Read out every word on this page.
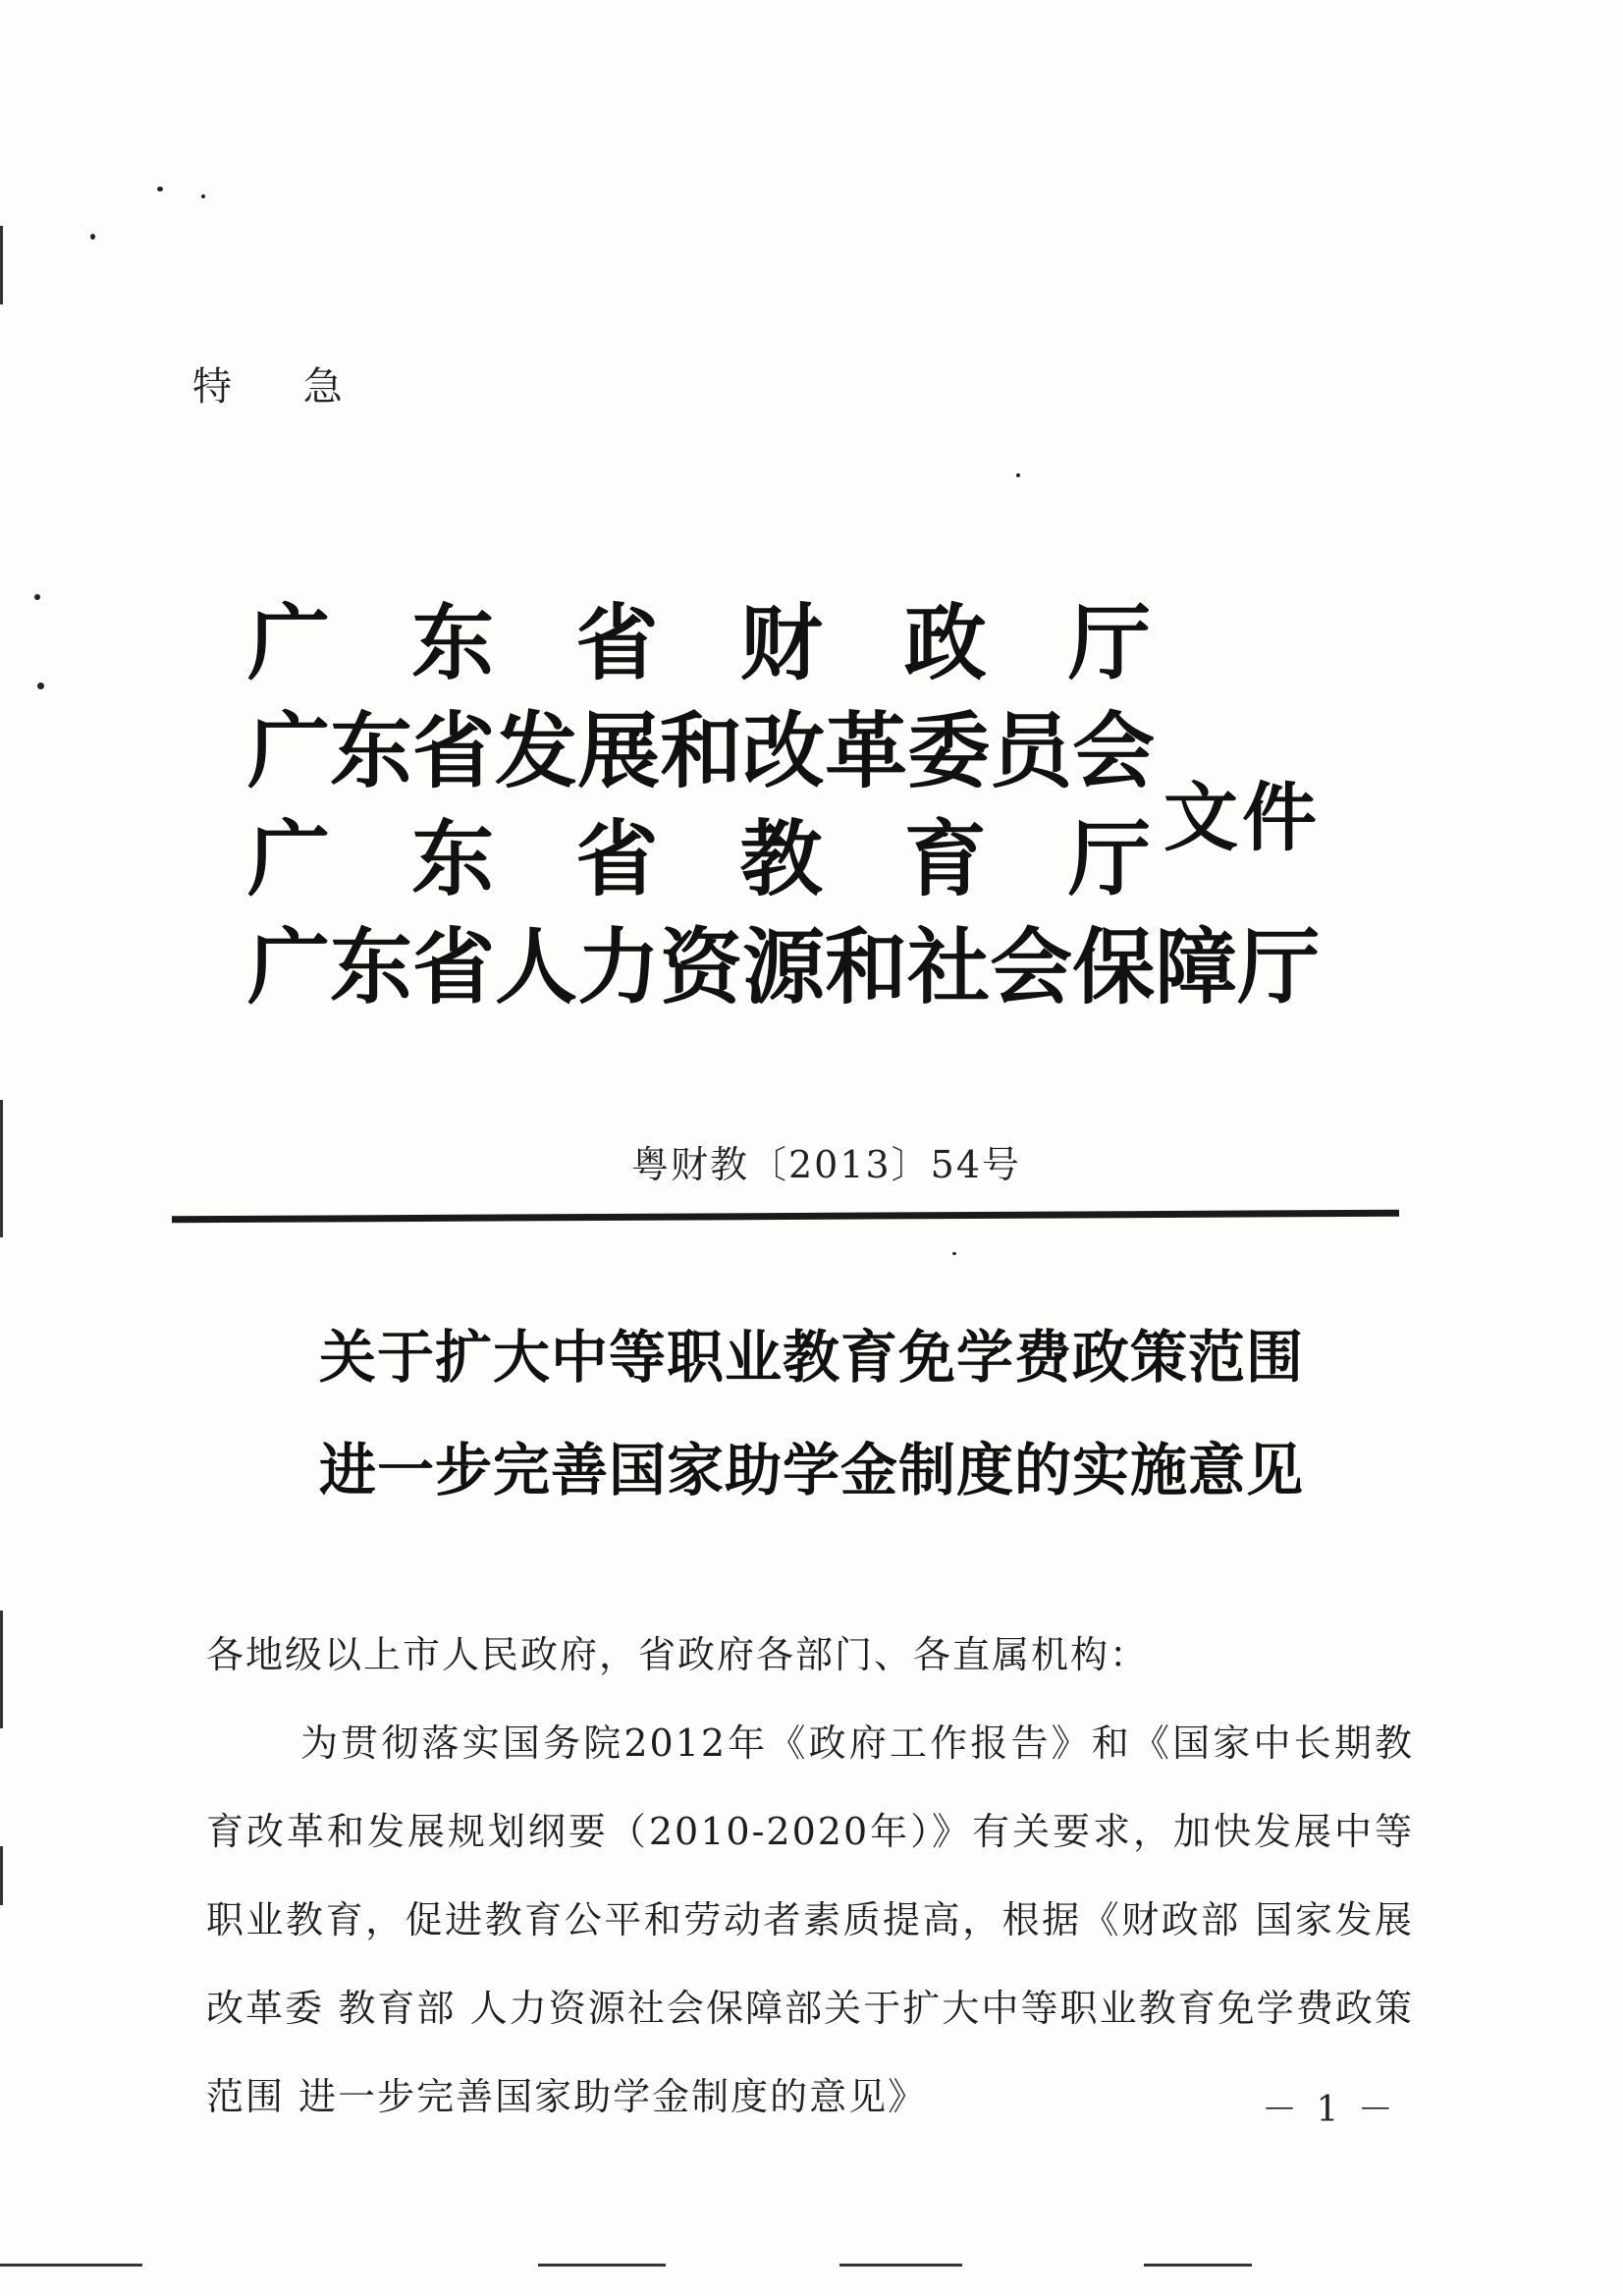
特 急
广 东 省 财 政 厅
广 东 省 发 展 和 改 革 委 员 会
广 东 省 教 育 厅
广 东 省 人 力 资 源 和 社 会 保 障 厅
文件
粤财教〔2013〕54号
关于扩大中等职业教育免学费政策范围
进一步完善国家助学金制度的实施意见
各地级以上市人民政府，省政府各部门、各直属机构：
为贯彻落实国务院2012年《政府工作报告》和《国家中长期教育改革和发展规划纲要（2010-2020年）》有关要求，加快发展中等职业教育，促进教育公平和劳动者素质提高，根据《财政部 国家发展改革委 教育部 人力资源社会保障部关于扩大中等职业教育免学费政策范围 进一步完善国家助学金制度的意见》	－ 1 －
